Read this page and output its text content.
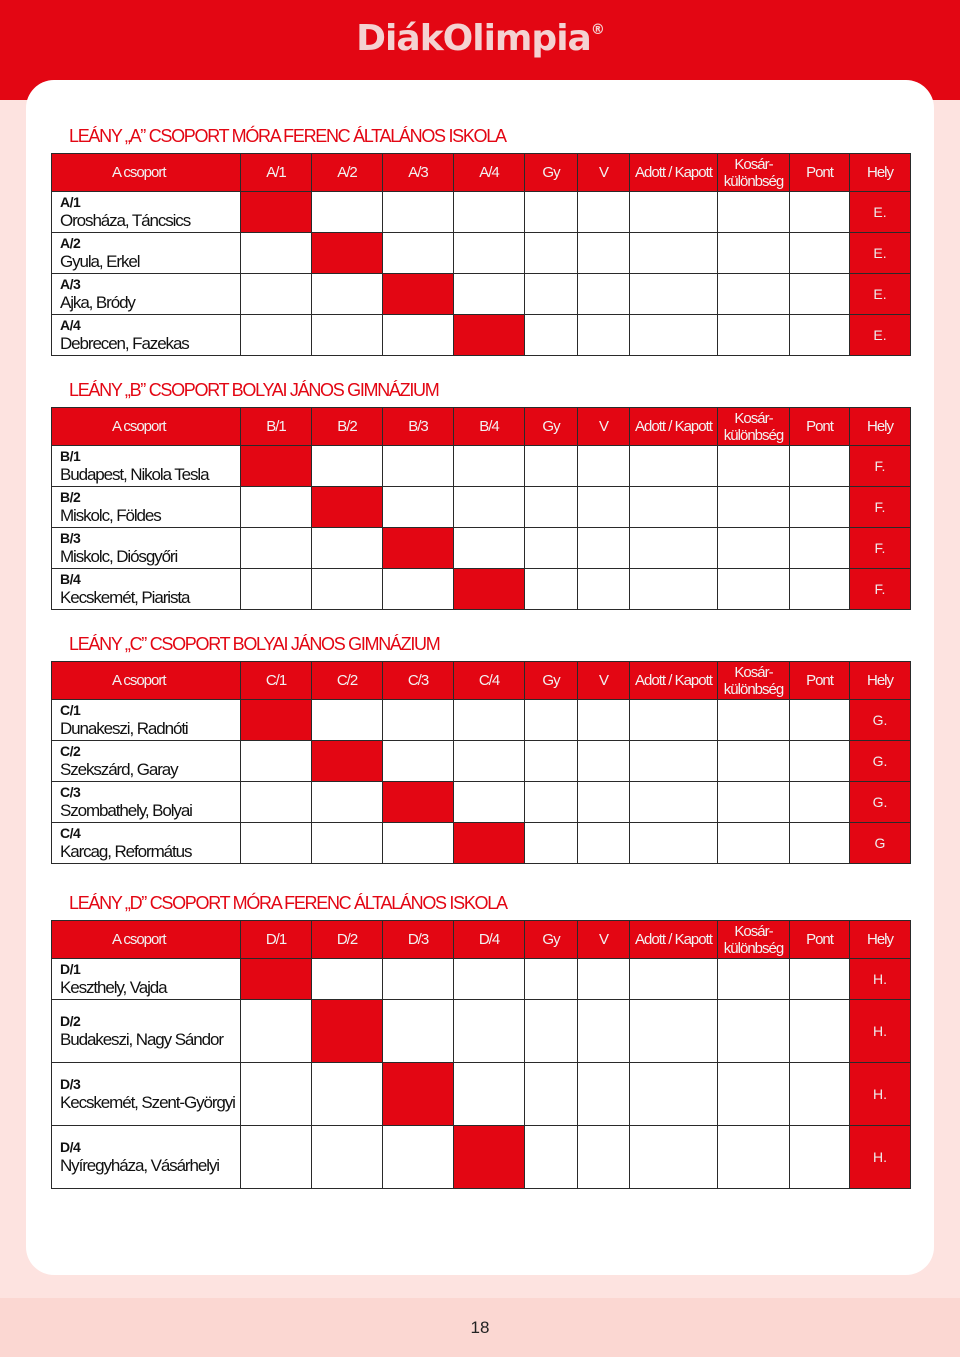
DiákOlimpia®
LEÁNY „A” CSOPORT MÓRA FERENC ÁLTALÁNOS ISKOLA
A csoport	A/1	A/2	A/3	A/4	Gy	V	Adott / Kapott	Kosár-különbség	Pont	Hely

A/1
Orosháza, Táncsics										E.

A/2
Gyula, Erkel										E.

A/3
Ajka, Bródy										E.

A/4
Debrecen, Fazekas										E.
LEÁNY „B” CSOPORT BOLYAI JÁNOS GIMNÁZIUM
A csoport	B/1	B/2	B/3	B/4	Gy	V	Adott / Kapott	Kosár-különbség	Pont	Hely

B/1
Budapest, Nikola Tesla										F.

B/2
Miskolc, Földes										F.

B/3
Miskolc, Diósgyőri										F.

B/4
Kecskemét, Piarista										F.
LEÁNY „C” CSOPORT BOLYAI JÁNOS GIMNÁZIUM
A csoport	C/1	C/2	C/3	C/4	Gy	V	Adott / Kapott	Kosár-különbség	Pont	Hely

C/1
Dunakeszi, Radnóti										G.

C/2
Szekszárd, Garay										G.

C/3
Szombathely, Bolyai										G.

C/4
Karcag, Református										G
LEÁNY „D” CSOPORT MÓRA FERENC ÁLTALÁNOS ISKOLA
A csoport	D/1	D/2	D/3	D/4	Gy	V	Adott / Kapott	Kosár-különbség	Pont	Hely

D/1
Keszthely, Vajda										H.

D/2
Budakeszi, Nagy Sándor										H.

D/3
Kecskemét, Szent-Györgyi										H.

D/4
Nyíregyháza, Vásárhelyi										H.
18
